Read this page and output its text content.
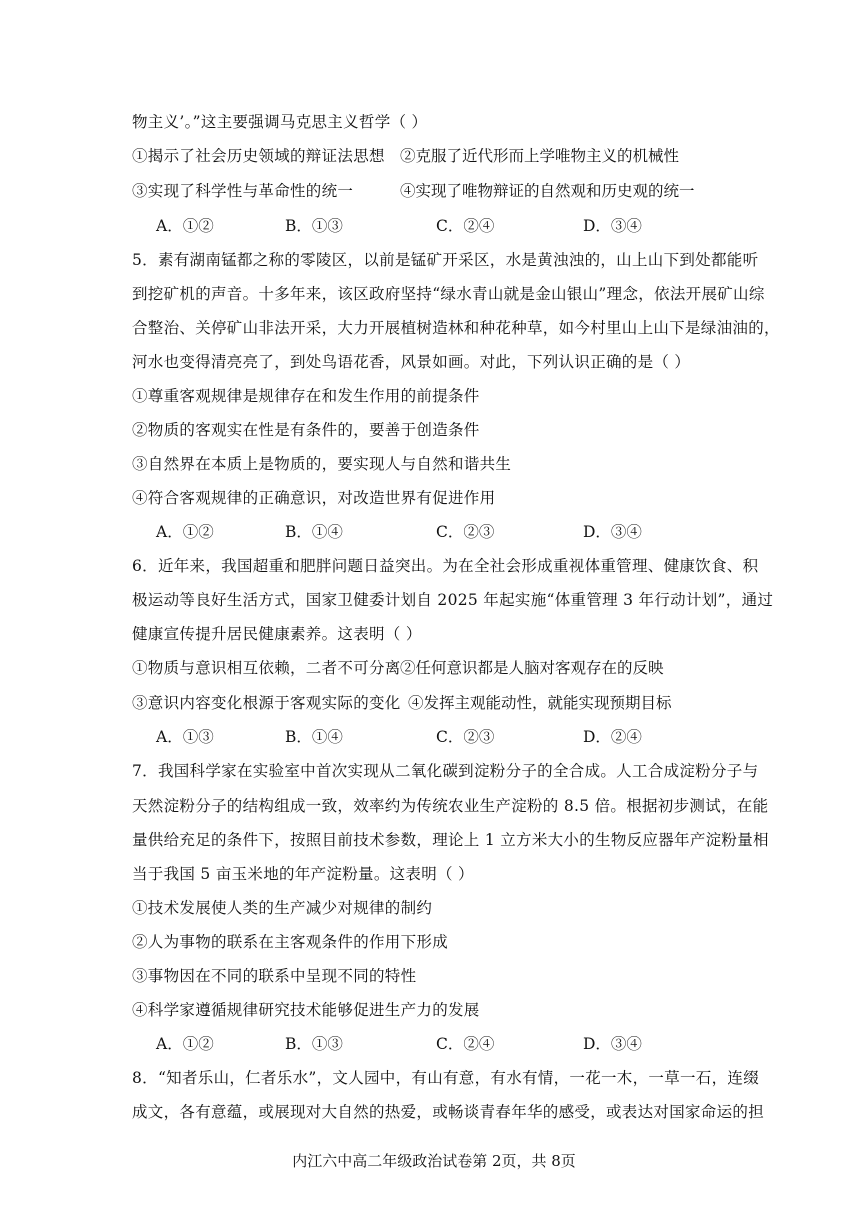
物主义’。”这主要强调马克思主义哲学（ ）
①揭示了社会历史领域的辩证法思想 ②克服了近代形而上学唯物主义的机械性
③实现了科学性与革命性的统一	④实现了唯物辩证的自然观和历史观的统一
A．①②	B．①③	C．②④	D．③④
5．素有湖南锰都之称的零陵区，以前是锰矿开采区，水是黄浊浊的，山上山下到处都能听
到挖矿机的声音。十多年来，该区政府坚持“绿水青山就是金山银山”理念，依法开展矿山综
合整治、关停矿山非法开采，大力开展植树造林和种花种草，如今村里山上山下是绿油油的，
河水也变得清亮亮了，到处鸟语花香，风景如画。对此，下列认识正确的是（ ）
①尊重客观规律是规律存在和发生作用的前提条件
②物质的客观实在性是有条件的，要善于创造条件
③自然界在本质上是物质的，要实现人与自然和谐共生
④符合客观规律的正确意识，对改造世界有促进作用
A．①②	B．①④	C．②③	D．③④
6．近年来，我国超重和肥胖问题日益突出。为在全社会形成重视体重管理、健康饮食、积
极运动等良好生活方式，国家卫健委计划自 2025 年起实施“体重管理 3 年行动计划”，通过
健康宣传提升居民健康素养。这表明（ ）
①物质与意识相互依赖，二者不可分离 ②任何意识都是人脑对客观存在的反映
③意识内容变化根源于客观实际的变化 ④发挥主观能动性，就能实现预期目标
A．①③	B．①④	C．②③	D．②④
7．我国科学家在实验室中首次实现从二氧化碳到淀粉分子的全合成。人工合成淀粉分子与
天然淀粉分子的结构组成一致，效率约为传统农业生产淀粉的 8.5 倍。根据初步测试，在能
量供给充足的条件下，按照目前技术参数，理论上 1 立方米大小的生物反应器年产淀粉量相
当于我国 5 亩玉米地的年产淀粉量。这表明（ ）
①技术发展使人类的生产减少对规律的制约
②人为事物的联系在主客观条件的作用下形成
③事物因在不同的联系中呈现不同的特性
④科学家遵循规律研究技术能够促进生产力的发展
A．①②	B．①③	C．②④	D．③④
8．“知者乐山，仁者乐水”，文人园中，有山有意，有水有情，一花一木，一草一石，连缀
成文，各有意蕴，或展现对大自然的热爱，或畅谈青春年华的感受，或表达对国家命运的担
内江六中高二年级政治试卷第 2页，共 8页
